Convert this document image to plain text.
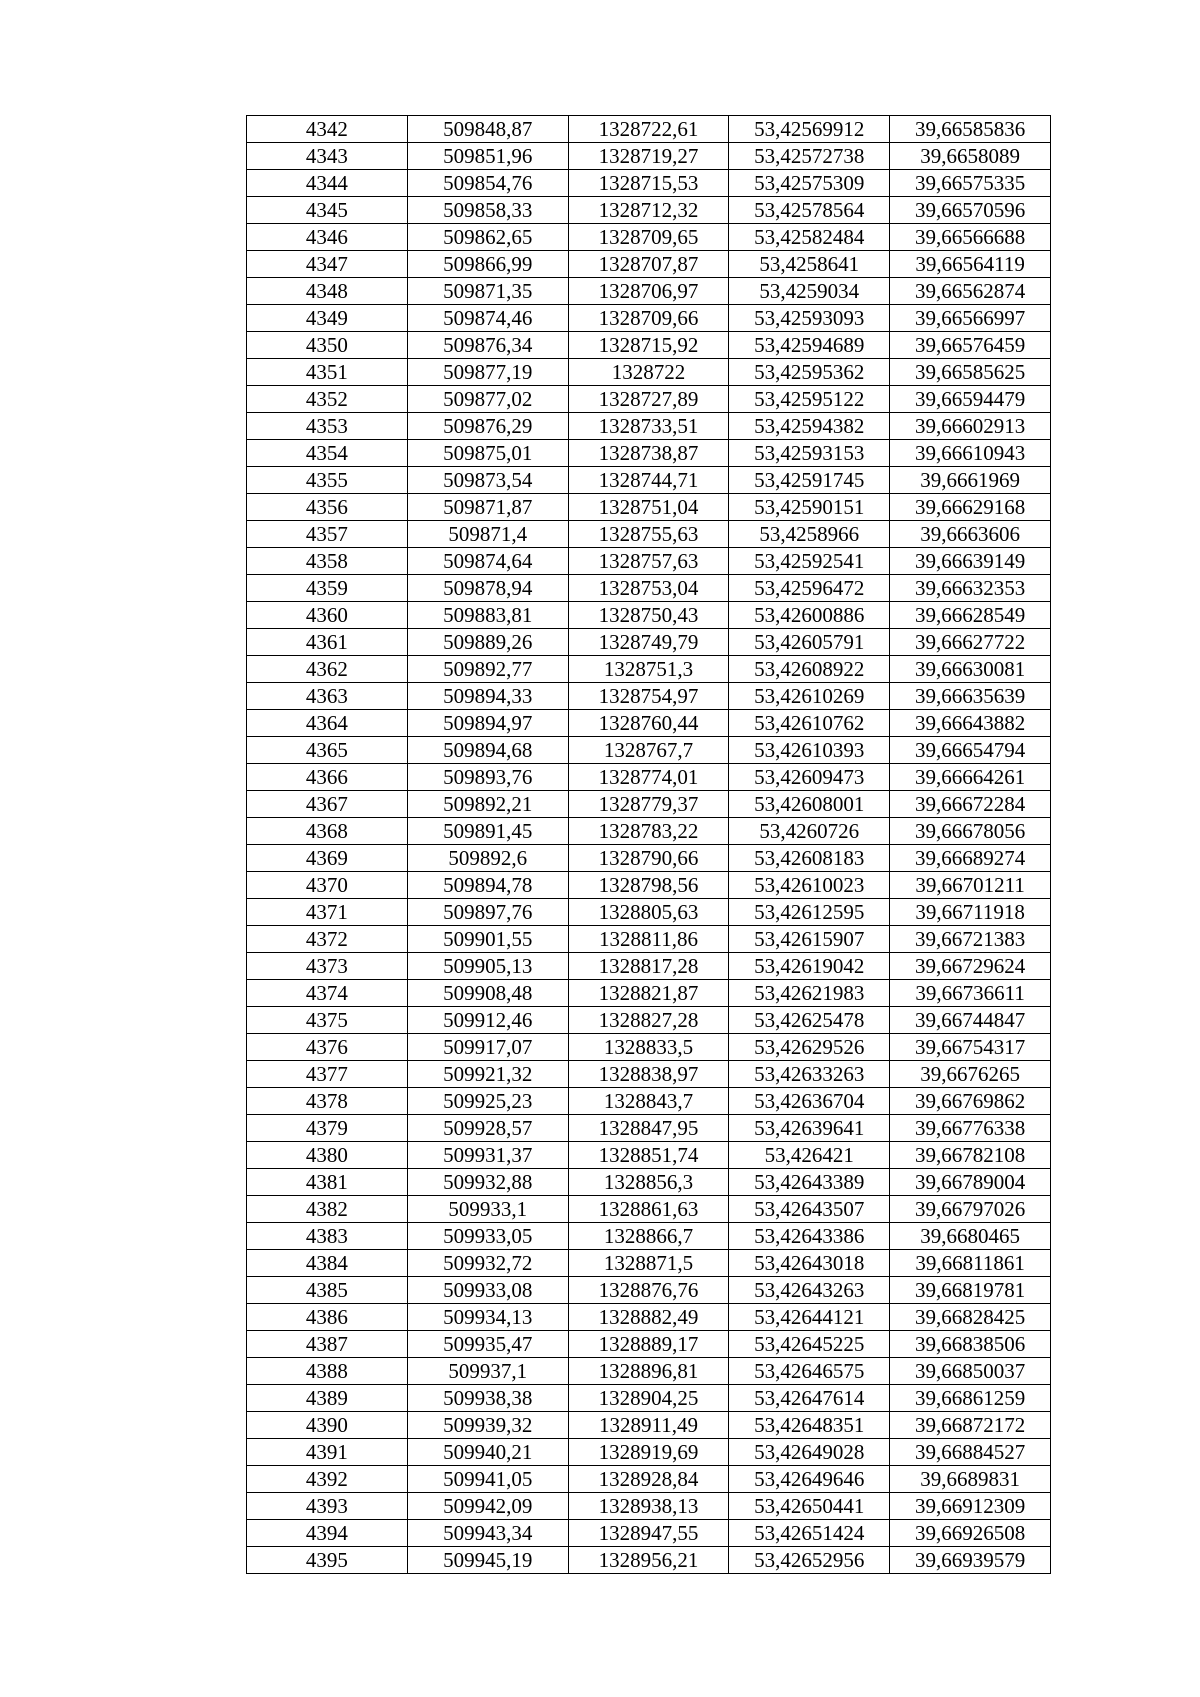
4342	509848,87	1328722,61	53,42569912	39,66585836
4343	509851,96	1328719,27	53,42572738	39,6658089
4344	509854,76	1328715,53	53,42575309	39,66575335
4345	509858,33	1328712,32	53,42578564	39,66570596
4346	509862,65	1328709,65	53,42582484	39,66566688
4347	509866,99	1328707,87	53,4258641	39,66564119
4348	509871,35	1328706,97	53,4259034	39,66562874
4349	509874,46	1328709,66	53,42593093	39,66566997
4350	509876,34	1328715,92	53,42594689	39,66576459
4351	509877,19	1328722	53,42595362	39,66585625
4352	509877,02	1328727,89	53,42595122	39,66594479
4353	509876,29	1328733,51	53,42594382	39,66602913
4354	509875,01	1328738,87	53,42593153	39,66610943
4355	509873,54	1328744,71	53,42591745	39,6661969
4356	509871,87	1328751,04	53,42590151	39,66629168
4357	509871,4	1328755,63	53,4258966	39,6663606
4358	509874,64	1328757,63	53,42592541	39,66639149
4359	509878,94	1328753,04	53,42596472	39,66632353
4360	509883,81	1328750,43	53,42600886	39,66628549
4361	509889,26	1328749,79	53,42605791	39,66627722
4362	509892,77	1328751,3	53,42608922	39,66630081
4363	509894,33	1328754,97	53,42610269	39,66635639
4364	509894,97	1328760,44	53,42610762	39,66643882
4365	509894,68	1328767,7	53,42610393	39,66654794
4366	509893,76	1328774,01	53,42609473	39,66664261
4367	509892,21	1328779,37	53,42608001	39,66672284
4368	509891,45	1328783,22	53,4260726	39,66678056
4369	509892,6	1328790,66	53,42608183	39,66689274
4370	509894,78	1328798,56	53,42610023	39,66701211
4371	509897,76	1328805,63	53,42612595	39,66711918
4372	509901,55	1328811,86	53,42615907	39,66721383
4373	509905,13	1328817,28	53,42619042	39,66729624
4374	509908,48	1328821,87	53,42621983	39,66736611
4375	509912,46	1328827,28	53,42625478	39,66744847
4376	509917,07	1328833,5	53,42629526	39,66754317
4377	509921,32	1328838,97	53,42633263	39,6676265
4378	509925,23	1328843,7	53,42636704	39,66769862
4379	509928,57	1328847,95	53,42639641	39,66776338
4380	509931,37	1328851,74	53,426421	39,66782108
4381	509932,88	1328856,3	53,42643389	39,66789004
4382	509933,1	1328861,63	53,42643507	39,66797026
4383	509933,05	1328866,7	53,42643386	39,6680465
4384	509932,72	1328871,5	53,42643018	39,66811861
4385	509933,08	1328876,76	53,42643263	39,66819781
4386	509934,13	1328882,49	53,42644121	39,66828425
4387	509935,47	1328889,17	53,42645225	39,66838506
4388	509937,1	1328896,81	53,42646575	39,66850037
4389	509938,38	1328904,25	53,42647614	39,66861259
4390	509939,32	1328911,49	53,42648351	39,66872172
4391	509940,21	1328919,69	53,42649028	39,66884527
4392	509941,05	1328928,84	53,42649646	39,6689831
4393	509942,09	1328938,13	53,42650441	39,66912309
4394	509943,34	1328947,55	53,42651424	39,66926508
4395	509945,19	1328956,21	53,42652956	39,66939579
